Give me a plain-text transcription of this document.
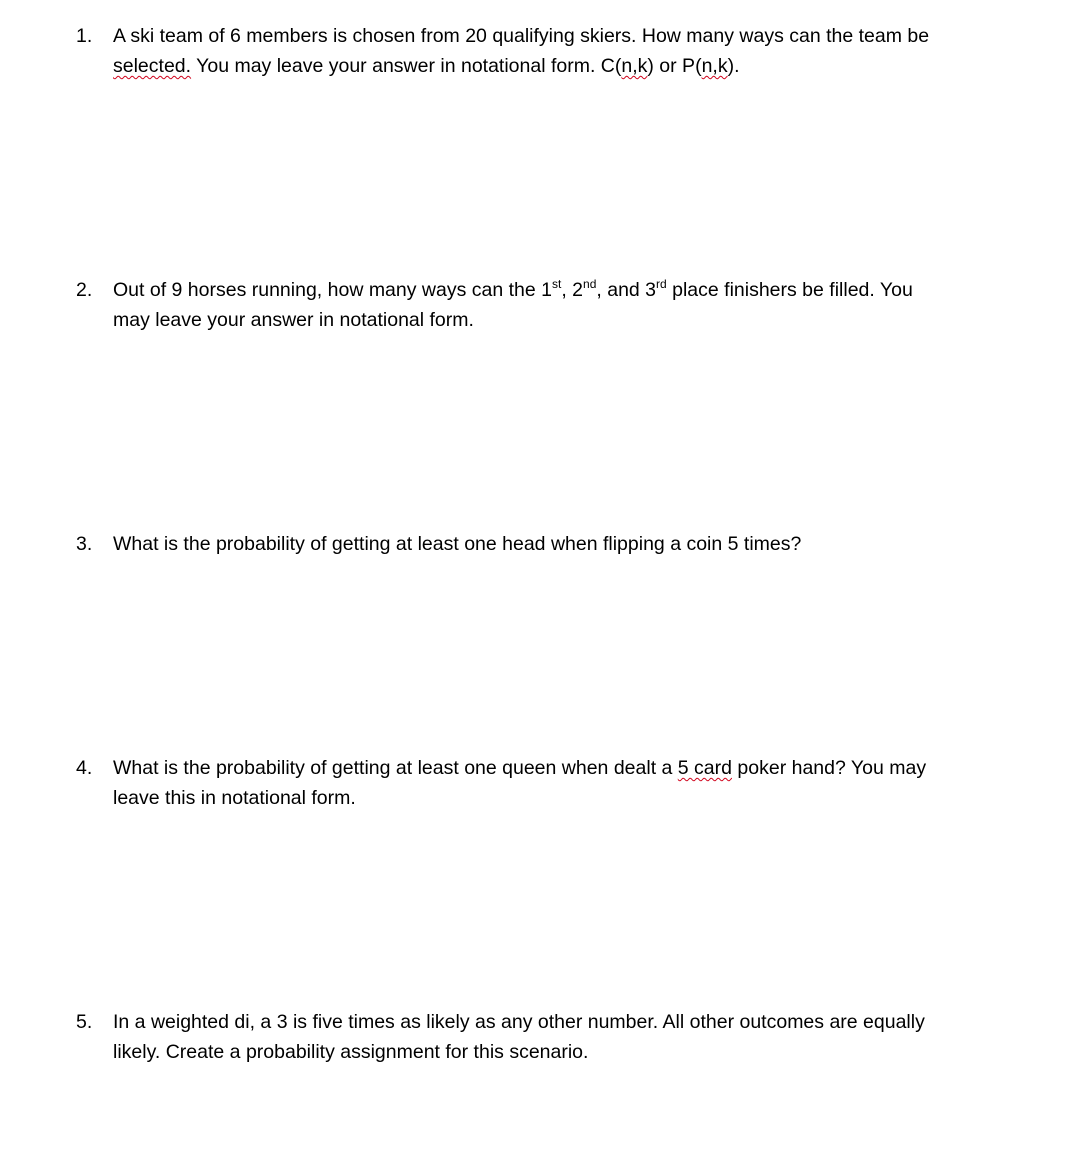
1.	A ski team of 6 members is chosen from 20 qualifying skiers. How many ways can the team be
selected. You may leave your answer in notational form. C(n,k) or P(n,k).
2.	Out of 9 horses running, how many ways can the 1st, 2nd, and 3rd place finishers be filled. You
may leave your answer in notational form.
3.	What is the probability of getting at least one head when flipping a coin 5 times?
4.	What is the probability of getting at least one queen when dealt a 5 card poker hand? You may
leave this in notational form.
5.	In a weighted di, a 3 is five times as likely as any other number. All other outcomes are equally
likely. Create a probability assignment for this scenario.
